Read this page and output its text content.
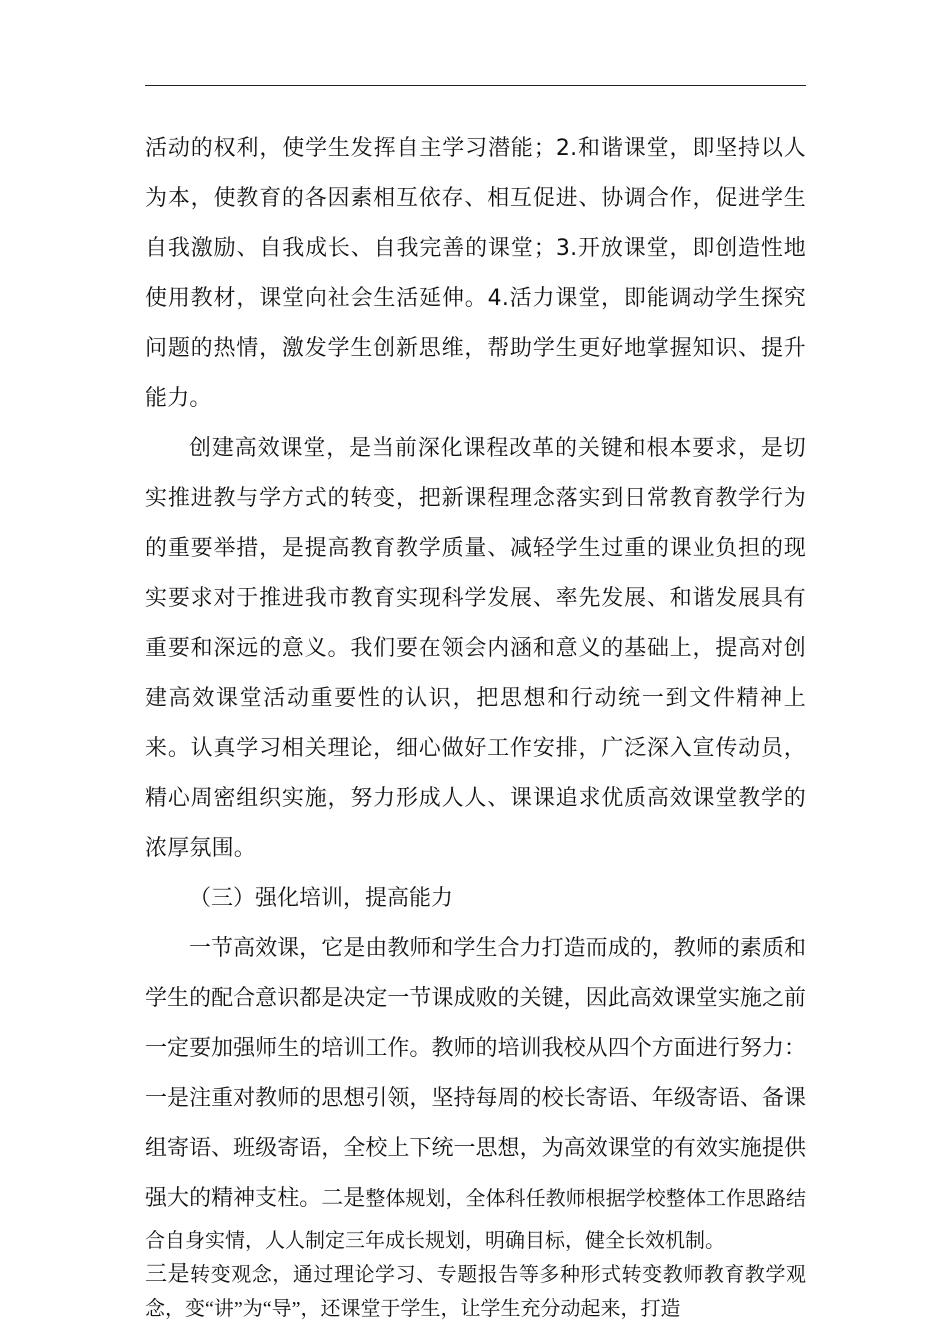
活动的权利，使学生发挥自主学习潜能；2.和谐课堂，即坚持以人为本，使教育的各因素相互依存、相互促进、协调合作，促进学生自我激励、自我成长、自我完善的课堂；3.开放课堂，即创造性地使用教材，课堂向社会生活延伸。4.活力课堂，即能调动学生探究问题的热情，激发学生创新思维，帮助学生更好地掌握知识、提升能力。

创建高效课堂，是当前深化课程改革的关键和根本要求，是切实推进教与学方式的转变，把新课程理念落实到日常教育教学行为的重要举措，是提高教育教学质量、减轻学生过重的课业负担的现实要求对于推进我市教育实现科学发展、率先发展、和谐发展具有重要和深远的意义。我们要在领会内涵和意义的基础上，提高对创建高效课堂活动重要性的认识，把思想和行动统一到文件精神上来。认真学习相关理论，细心做好工作安排，广泛深入宣传动员，精心周密组织实施，努力形成人人、课课追求优质高效课堂教学的浓厚氛围。

（三）强化培训，提高能力

一节高效课，它是由教师和学生合力打造而成的，教师的素质和学生的配合意识都是决定一节课成败的关键，因此高效课堂实施之前一定要加强师生的培训工作。教师的培训我校从四个方面进行努力：一是注重对教师的思想引领，坚持每周的校长寄语、年级寄语、备课组寄语、班级寄语，全校上下统一思想，为高效课堂的有效实施提供强大的精神支柱。二是整体规划，全体科任教师根据学校整体工作思路结合自身实情，人人制定三年成长规划，明确目标，健全长效机制。

三是转变观念，通过理论学习、专题报告等多种形式转变教师教育教学观念，变“讲”为“导”，还课堂于学生，让学生充分动起来，打造
